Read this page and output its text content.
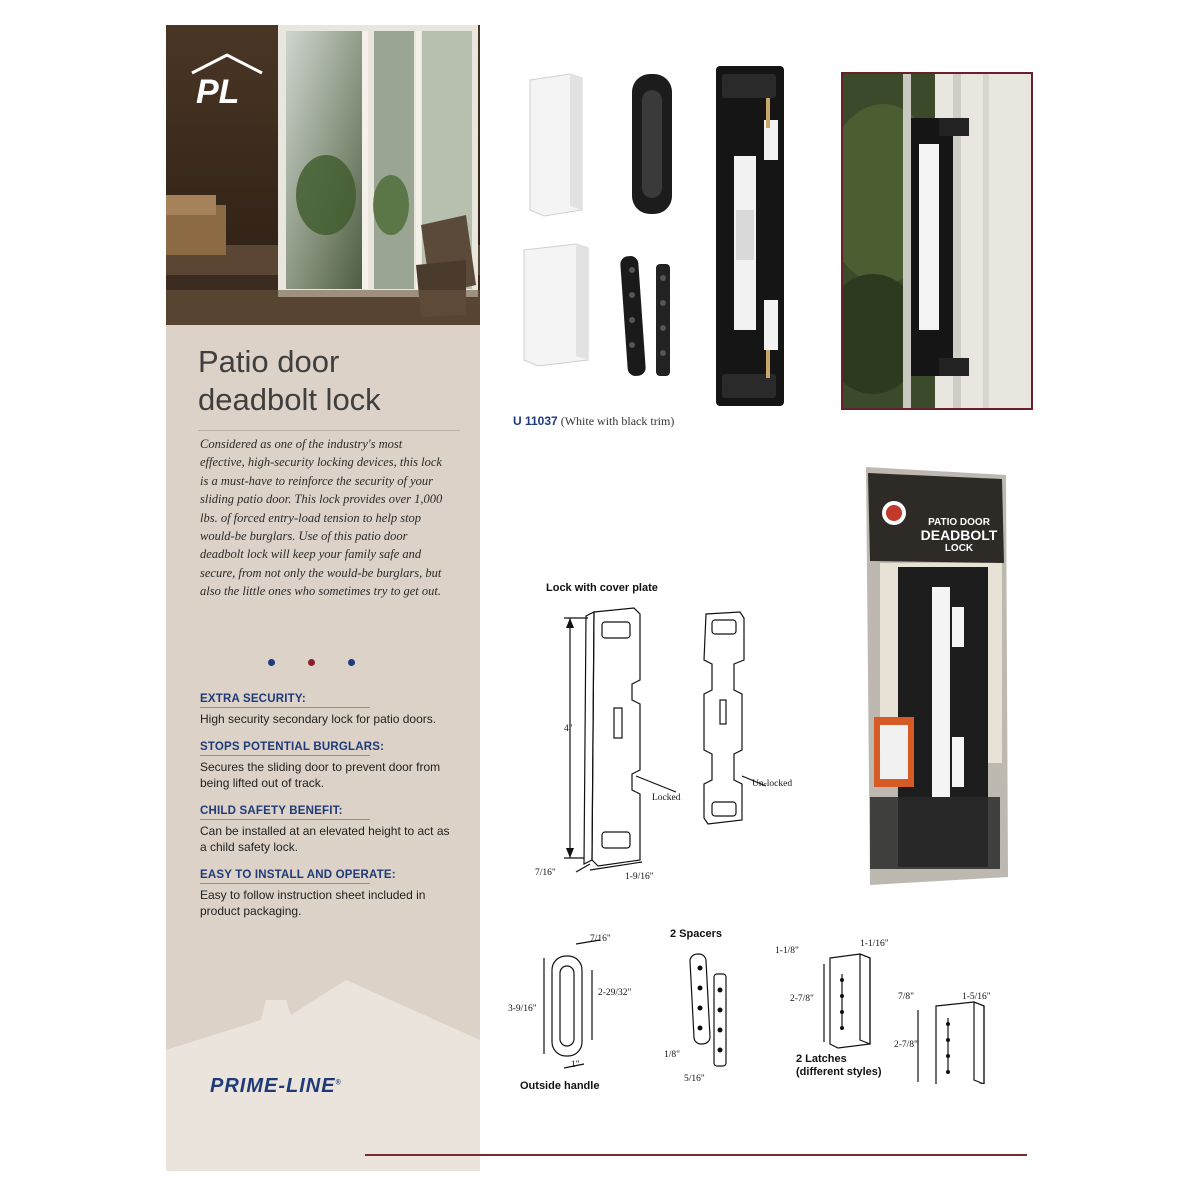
PL
Patio door
deadbolt lock

Considered as one of the industry's most effective, high-security locking devices, this lock is a must-have to reinforce the security of your sliding patio door. This lock provides over 1,000 lbs. of forced entry-load tension to help stop would-be burglars. Use of this patio door deadbolt lock will keep your family safe and secure, from not only the would-be burglars, but also the little ones who sometimes try to get out.

EXTRA SECURITY:
High security secondary lock for patio doors.
STOPS POTENTIAL BURGLARS:
Secures the sliding door to prevent door from being lifted out of track.
CHILD SAFETY BENEFIT:
Can be installed at an elevated height to act as a child safety lock.
EASY TO INSTALL AND OPERATE:
Easy to follow instruction sheet included in product packaging.
PRIME-LINE®
U 11037 (White with black trim)
PATIO DOOR
DEADBOLT
LOCK
Lock with cover plate
4"
7/16"	1-9/16"
Locked
Un-locked
7/16"
2-29/32"
3-9/16"
1"
Outside handle
2 Spacers
1/8"
5/16"
1-1/8"
1-1/16"
2-7/8"	7/8"	1-5/16"
2-7/8"
2 Latches
(different styles)
